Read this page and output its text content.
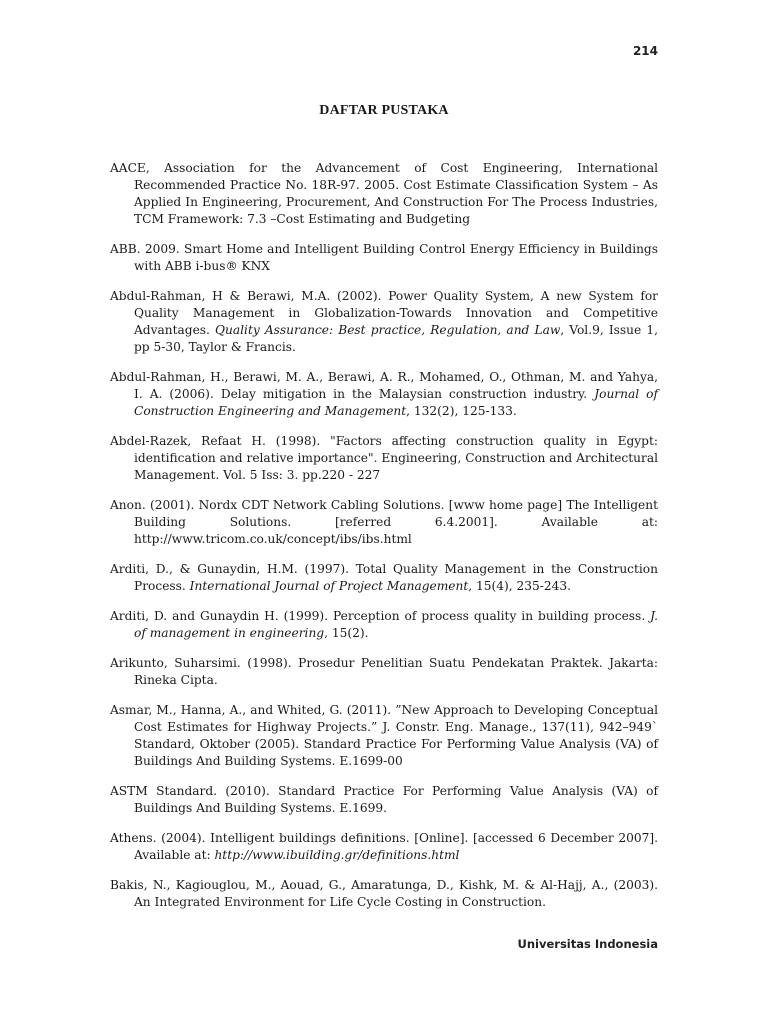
214
DAFTAR PUSTAKA
AACE, Association for the Advancement of Cost Engineering, International Recommended Practice No. 18R-97. 2005. Cost Estimate Classification System – As Applied In Engineering, Procurement, And Construction For The Process Industries, TCM Framework: 7.3 –Cost Estimating and Budgeting
ABB. 2009. Smart Home and Intelligent Building Control Energy Efficiency in Buildings with ABB i-bus® KNX
Abdul-Rahman, H & Berawi, M.A. (2002). Power Quality System, A new System for Quality Management in Globalization-Towards Innovation and Competitive Advantages. Quality Assurance: Best practice, Regulation, and Law, Vol.9, Issue 1, pp 5-30, Taylor & Francis.
Abdul-Rahman, H., Berawi, M. A., Berawi, A. R., Mohamed, O., Othman, M. and Yahya, I. A. (2006). Delay mitigation in the Malaysian construction industry. Journal of Construction Engineering and Management, 132(2), 125-133.
Abdel-Razek, Refaat H. (1998). "Factors affecting construction quality in Egypt: identification and relative importance". Engineering, Construction and Architectural Management. Vol. 5 Iss: 3. pp.220 - 227
Anon. (2001). Nordx CDT Network Cabling Solutions. [www home page] The Intelligent Building Solutions. [referred 6.4.2001]. Available at: http://www.tricom.co.uk/concept/ibs/ibs.html
Arditi, D., & Gunaydin, H.M. (1997). Total Quality Management in the Construction Process. International Journal of Project Management, 15(4), 235-243.
Arditi, D. and Gunaydin H. (1999). Perception of process quality in building process. J. of management in engineering, 15(2).
Arikunto, Suharsimi. (1998). Prosedur Penelitian Suatu Pendekatan Praktek. Jakarta: Rineka Cipta.
Asmar, M., Hanna, A., and Whited, G. (2011). ”New Approach to Developing Conceptual Cost Estimates for Highway Projects.” J. Constr. Eng. Manage., 137(11), 942–949` Standard, Oktober (2005). Standard Practice For Performing Value Analysis (VA) of Buildings And Building Systems. E.1699-00
ASTM Standard. (2010). Standard Practice For Performing Value Analysis (VA) of Buildings And Building Systems. E.1699.
Athens. (2004). Intelligent buildings definitions. [Online]. [accessed 6 December 2007]. Available at: http://www.ibuilding.gr/definitions.html
Bakis, N., Kagiouglou, M., Aouad, G., Amaratunga, D., Kishk, M. & Al-Hajj, A., (2003). An Integrated Environment for Life Cycle Costing in Construction.
Universitas Indonesia
